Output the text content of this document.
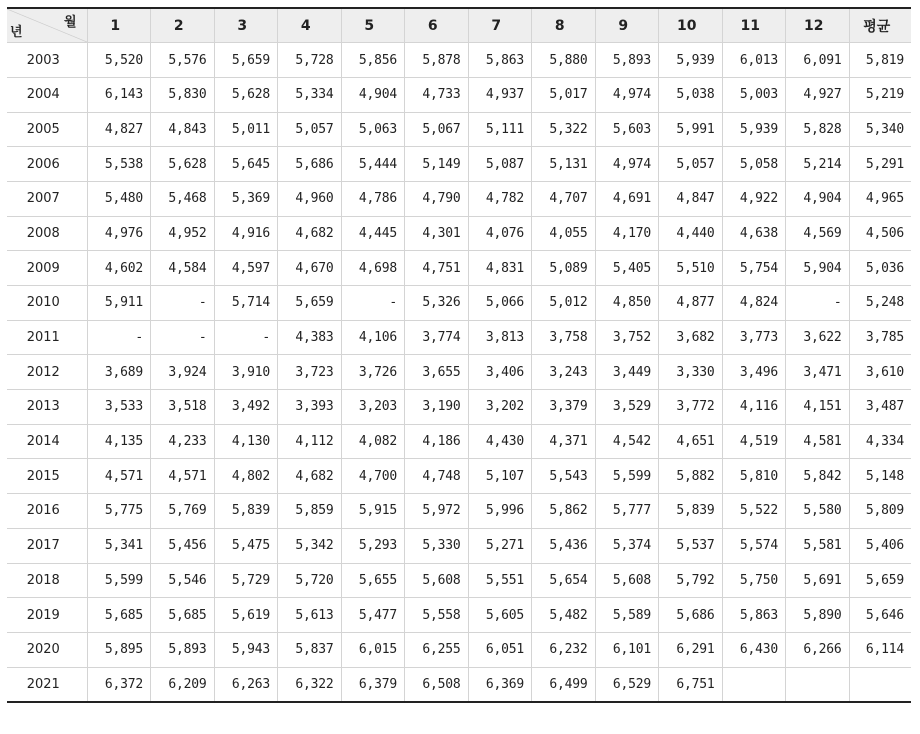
월
년	1	2	3	4	5	6	7	8	9	10	11	12	평균
2003	5,520	5,576	5,659	5,728	5,856	5,878	5,863	5,880	5,893	5,939	6,013	6,091	5,819
2004	6,143	5,830	5,628	5,334	4,904	4,733	4,937	5,017	4,974	5,038	5,003	4,927	5,219
2005	4,827	4,843	5,011	5,057	5,063	5,067	5,111	5,322	5,603	5,991	5,939	5,828	5,340
2006	5,538	5,628	5,645	5,686	5,444	5,149	5,087	5,131	4,974	5,057	5,058	5,214	5,291
2007	5,480	5,468	5,369	4,960	4,786	4,790	4,782	4,707	4,691	4,847	4,922	4,904	4,965
2008	4,976	4,952	4,916	4,682	4,445	4,301	4,076	4,055	4,170	4,440	4,638	4,569	4,506
2009	4,602	4,584	4,597	4,670	4,698	4,751	4,831	5,089	5,405	5,510	5,754	5,904	5,036
2010	5,911	-	5,714	5,659	-	5,326	5,066	5,012	4,850	4,877	4,824	-	5,248
2011	-	-	-	4,383	4,106	3,774	3,813	3,758	3,752	3,682	3,773	3,622	3,785
2012	3,689	3,924	3,910	3,723	3,726	3,655	3,406	3,243	3,449	3,330	3,496	3,471	3,610
2013	3,533	3,518	3,492	3,393	3,203	3,190	3,202	3,379	3,529	3,772	4,116	4,151	3,487
2014	4,135	4,233	4,130	4,112	4,082	4,186	4,430	4,371	4,542	4,651	4,519	4,581	4,334
2015	4,571	4,571	4,802	4,682	4,700	4,748	5,107	5,543	5,599	5,882	5,810	5,842	5,148
2016	5,775	5,769	5,839	5,859	5,915	5,972	5,996	5,862	5,777	5,839	5,522	5,580	5,809
2017	5,341	5,456	5,475	5,342	5,293	5,330	5,271	5,436	5,374	5,537	5,574	5,581	5,406
2018	5,599	5,546	5,729	5,720	5,655	5,608	5,551	5,654	5,608	5,792	5,750	5,691	5,659
2019	5,685	5,685	5,619	5,613	5,477	5,558	5,605	5,482	5,589	5,686	5,863	5,890	5,646
2020	5,895	5,893	5,943	5,837	6,015	6,255	6,051	6,232	6,101	6,291	6,430	6,266	6,114
2021	6,372	6,209	6,263	6,322	6,379	6,508	6,369	6,499	6,529	6,751			
